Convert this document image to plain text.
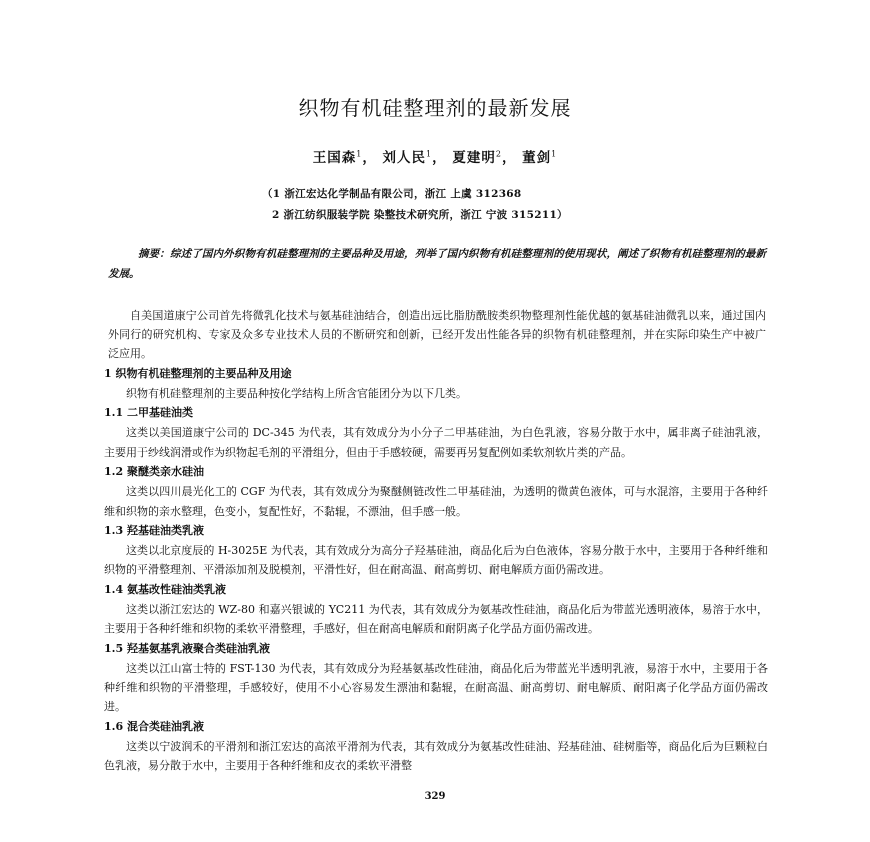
织物有机硅整理剂的最新发展
王国森$^1$， 刘人民$^1$， 夏建明$^2$， 董剑$^1$
（1 浙江宏达化学制品有限公司，浙江 上虞 312368
2 浙江纺织服装学院 染整技术研究所，浙江 宁波 315211）
摘要：综述了国内外织物有机硅整理剂的主要品种及用途，列举了国内织物有机硅整理剂的使用现状，阐述了织物有机硅整理剂的最新发展。
自美国道康宁公司首先将微乳化技术与氨基硅油结合，创造出远比脂肪酰胺类织物整理剂性能优越的氨基硅油微乳以来，通过国内外同行的研究机构、专家及众多专业技术人员的不断研究和创新，已经开发出性能各异的织物有机硅整理剂，并在实际印染生产中被广泛应用。
1 织物有机硅整理剂的主要品种及用途

织物有机硅整理剂的主要品种按化学结构上所含官能团分为以下几类。

1.1 二甲基硅油类

这类以美国道康宁公司的 DC-345 为代表，其有效成分为小分子二甲基硅油，为白色乳液，容易分散于水中，属非离子硅油乳液，主要用于纱线润滑或作为织物起毛剂的平滑组分，但由于手感较硬，需要再另复配例如柔软剂软片类的产品。

1.2 聚醚类亲水硅油

这类以四川晨光化工的 CGF 为代表，其有效成分为聚醚侧链改性二甲基硅油，为透明的微黄色液体，可与水混溶，主要用于各种纤维和织物的亲水整理，色变小，复配性好，不黏辊，不漂油，但手感一般。

1.3 羟基硅油类乳液

这类以北京度辰的 H-3025E 为代表，其有效成分为高分子羟基硅油，商品化后为白色液体，容易分散于水中，主要用于各种纤维和织物的平滑整理剂、平滑添加剂及脱模剂，平滑性好，但在耐高温、耐高剪切、耐电解质方面仍需改进。

1.4 氨基改性硅油类乳液

这类以浙江宏达的 WZ-80 和嘉兴银诚的 YC211 为代表，其有效成分为氨基改性硅油，商品化后为带蓝光透明液体，易溶于水中，主要用于各种纤维和织物的柔软平滑整理，手感好，但在耐高电解质和耐阴离子化学品方面仍需改进。

1.5 羟基氨基乳液聚合类硅油乳液

这类以江山富士特的 FST-130 为代表，其有效成分为羟基氨基改性硅油，商品化后为带蓝光半透明乳液，易溶于水中，主要用于各种纤维和织物的平滑整理，手感较好，使用不小心容易发生漂油和黏辊，在耐高温、耐高剪切、耐电解质、耐阳离子化学品方面仍需改进。

1.6 混合类硅油乳液

这类以宁波润禾的平滑剂和浙江宏达的高浓平滑剂为代表，其有效成分为氨基改性硅油、羟基硅油、硅树脂等，商品化后为巨颗粒白色乳液，易分散于水中，主要用于各种纤维和皮衣的柔软平滑整

329
